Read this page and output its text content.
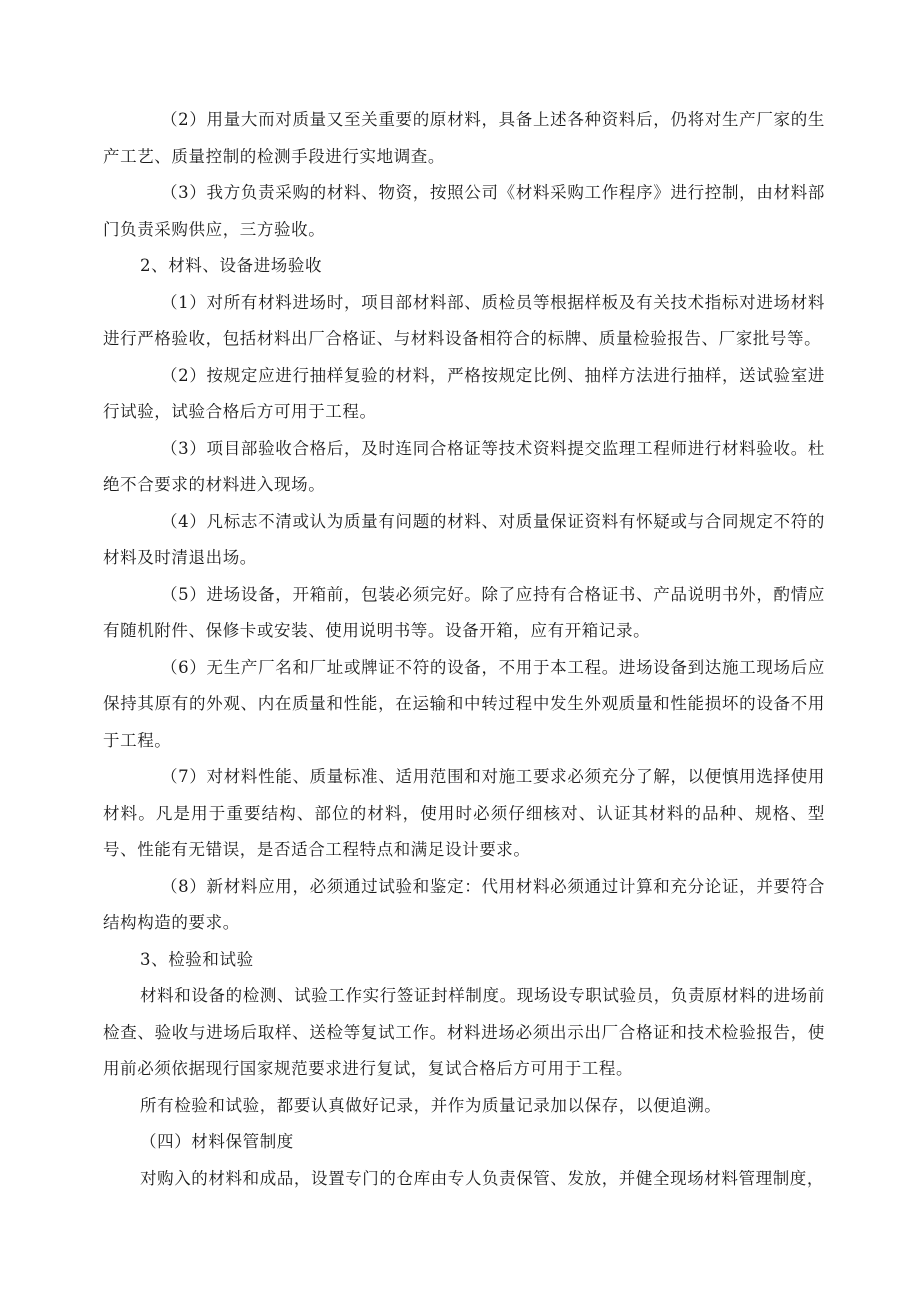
（2）用量大而对质量又至关重要的原材料，具备上述各种资料后，仍将对生产厂家的生产工艺、质量控制的检测手段进行实地调查。

（3）我方负责采购的材料、物资，按照公司《材料采购工作程序》进行控制，由材料部门负责采购供应，三方验收。

2、材料、设备进场验收

（1）对所有材料进场时，项目部材料部、质检员等根据样板及有关技术指标对进场材料进行严格验收，包括材料出厂合格证、与材料设备相符合的标牌、质量检验报告、厂家批号等。

（2）按规定应进行抽样复验的材料，严格按规定比例、抽样方法进行抽样，送试验室进行试验，试验合格后方可用于工程。

（3）项目部验收合格后，及时连同合格证等技术资料提交监理工程师进行材料验收。杜绝不合要求的材料进入现场。

（4）凡标志不清或认为质量有问题的材料、对质量保证资料有怀疑或与合同规定不符的材料及时清退出场。

（5）进场设备，开箱前，包装必须完好。除了应持有合格证书、产品说明书外，酌情应有随机附件、保修卡或安装、使用说明书等。设备开箱，应有开箱记录。

（6）无生产厂名和厂址或牌证不符的设备，不用于本工程。进场设备到达施工现场后应保持其原有的外观、内在质量和性能，在运输和中转过程中发生外观质量和性能损坏的设备不用于工程。

（7）对材料性能、质量标准、适用范围和对施工要求必须充分了解，以便慎用选择使用材料。凡是用于重要结构、部位的材料，使用时必须仔细核对、认证其材料的品种、规格、型号、性能有无错误，是否适合工程特点和满足设计要求。

（8）新材料应用，必须通过试验和鉴定：代用材料必须通过计算和充分论证，并要符合结构构造的要求。

3、检验和试验

材料和设备的检测、试验工作实行签证封样制度。现场设专职试验员，负责原材料的进场前检查、验收与进场后取样、送检等复试工作。材料进场必须出示出厂合格证和技术检验报告，使用前必须依据现行国家规范要求进行复试，复试合格后方可用于工程。

所有检验和试验，都要认真做好记录，并作为质量记录加以保存，以便追溯。

（四）材料保管制度

对购入的材料和成品，设置专门的仓库由专人负责保管、发放，并健全现场材料管理制度，
